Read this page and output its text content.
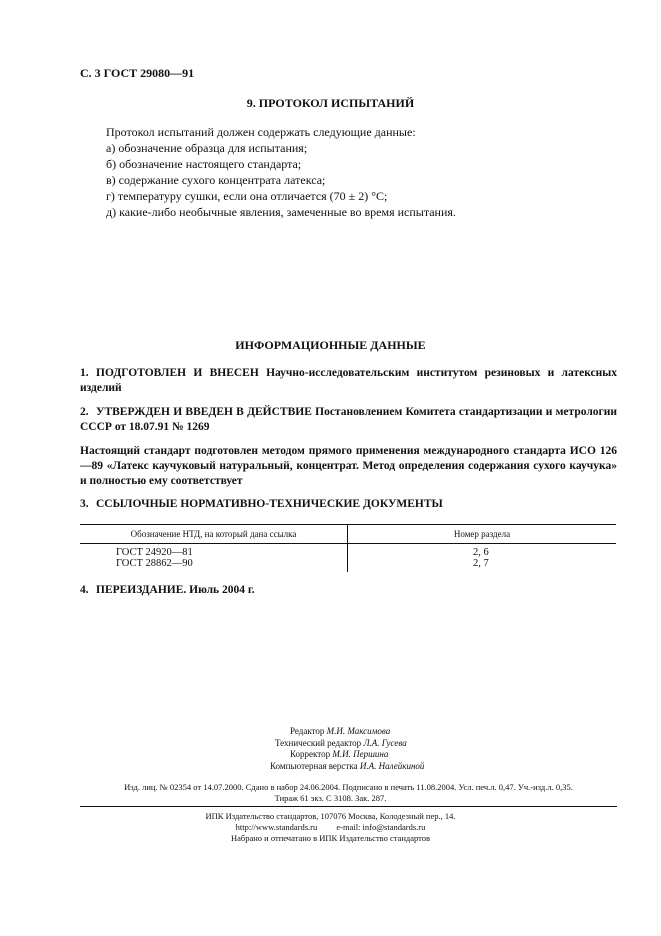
С. 3 ГОСТ 29080—91
9. ПРОТОКОЛ ИСПЫТАНИЙ
Протокол испытаний должен содержать следующие данные:
а) обозначение образца для испытания;
б) обозначение настоящего стандарта;
в) содержание сухого концентрата латекса;
г) температуру сушки, если она отличается (70 ± 2) °С;
д) какие-либо необычные явления, замеченные во время испытания.
ИНФОРМАЦИОННЫЕ ДАННЫЕ
1. ПОДГОТОВЛЕН И ВНЕСЕН Научно-исследовательским институтом резиновых и латексных изделий
2. УТВЕРЖДЕН И ВВЕДЕН В ДЕЙСТВИЕ Постановлением Комитета стандартизации и метрологии СССР от 18.07.91 № 1269
Настоящий стандарт подготовлен методом прямого применения международного стандарта ИСО 126—89 «Латекс каучуковый натуральный, концентрат. Метод определения содержания сухого каучука» и полностью ему соответствует
3. ССЫЛОЧНЫЕ НОРМАТИВНО-ТЕХНИЧЕСКИЕ ДОКУМЕНТЫ
Обозначение НТД, на который дана ссылка	Номер раздела
ГОСТ 24920—81	2, 6
ГОСТ 28862—90	2, 7
4. ПЕРЕИЗДАНИЕ. Июль 2004 г.
Редактор М.И. Максимова
Технический редактор Л.А. Гусева
Корректор М.И. Першина
Компьютерная верстка И.А. Налейкиной
Изд. лиц. № 02354 от 14.07.2000. Сдано в набор 24.06.2004. Подписано в печать 11.08.2004. Усл. печ.л. 0,47. Уч.-изд.л. 0,35.
Тираж 61 экз. С 3108. Зак. 287.
ИПК Издательство стандартов, 107076 Москва, Колодезный пер., 14.
http://www.standards.ru e-mail: info@standards.ru
Набрано и отпечатано в ИПК Издательство стандартов
